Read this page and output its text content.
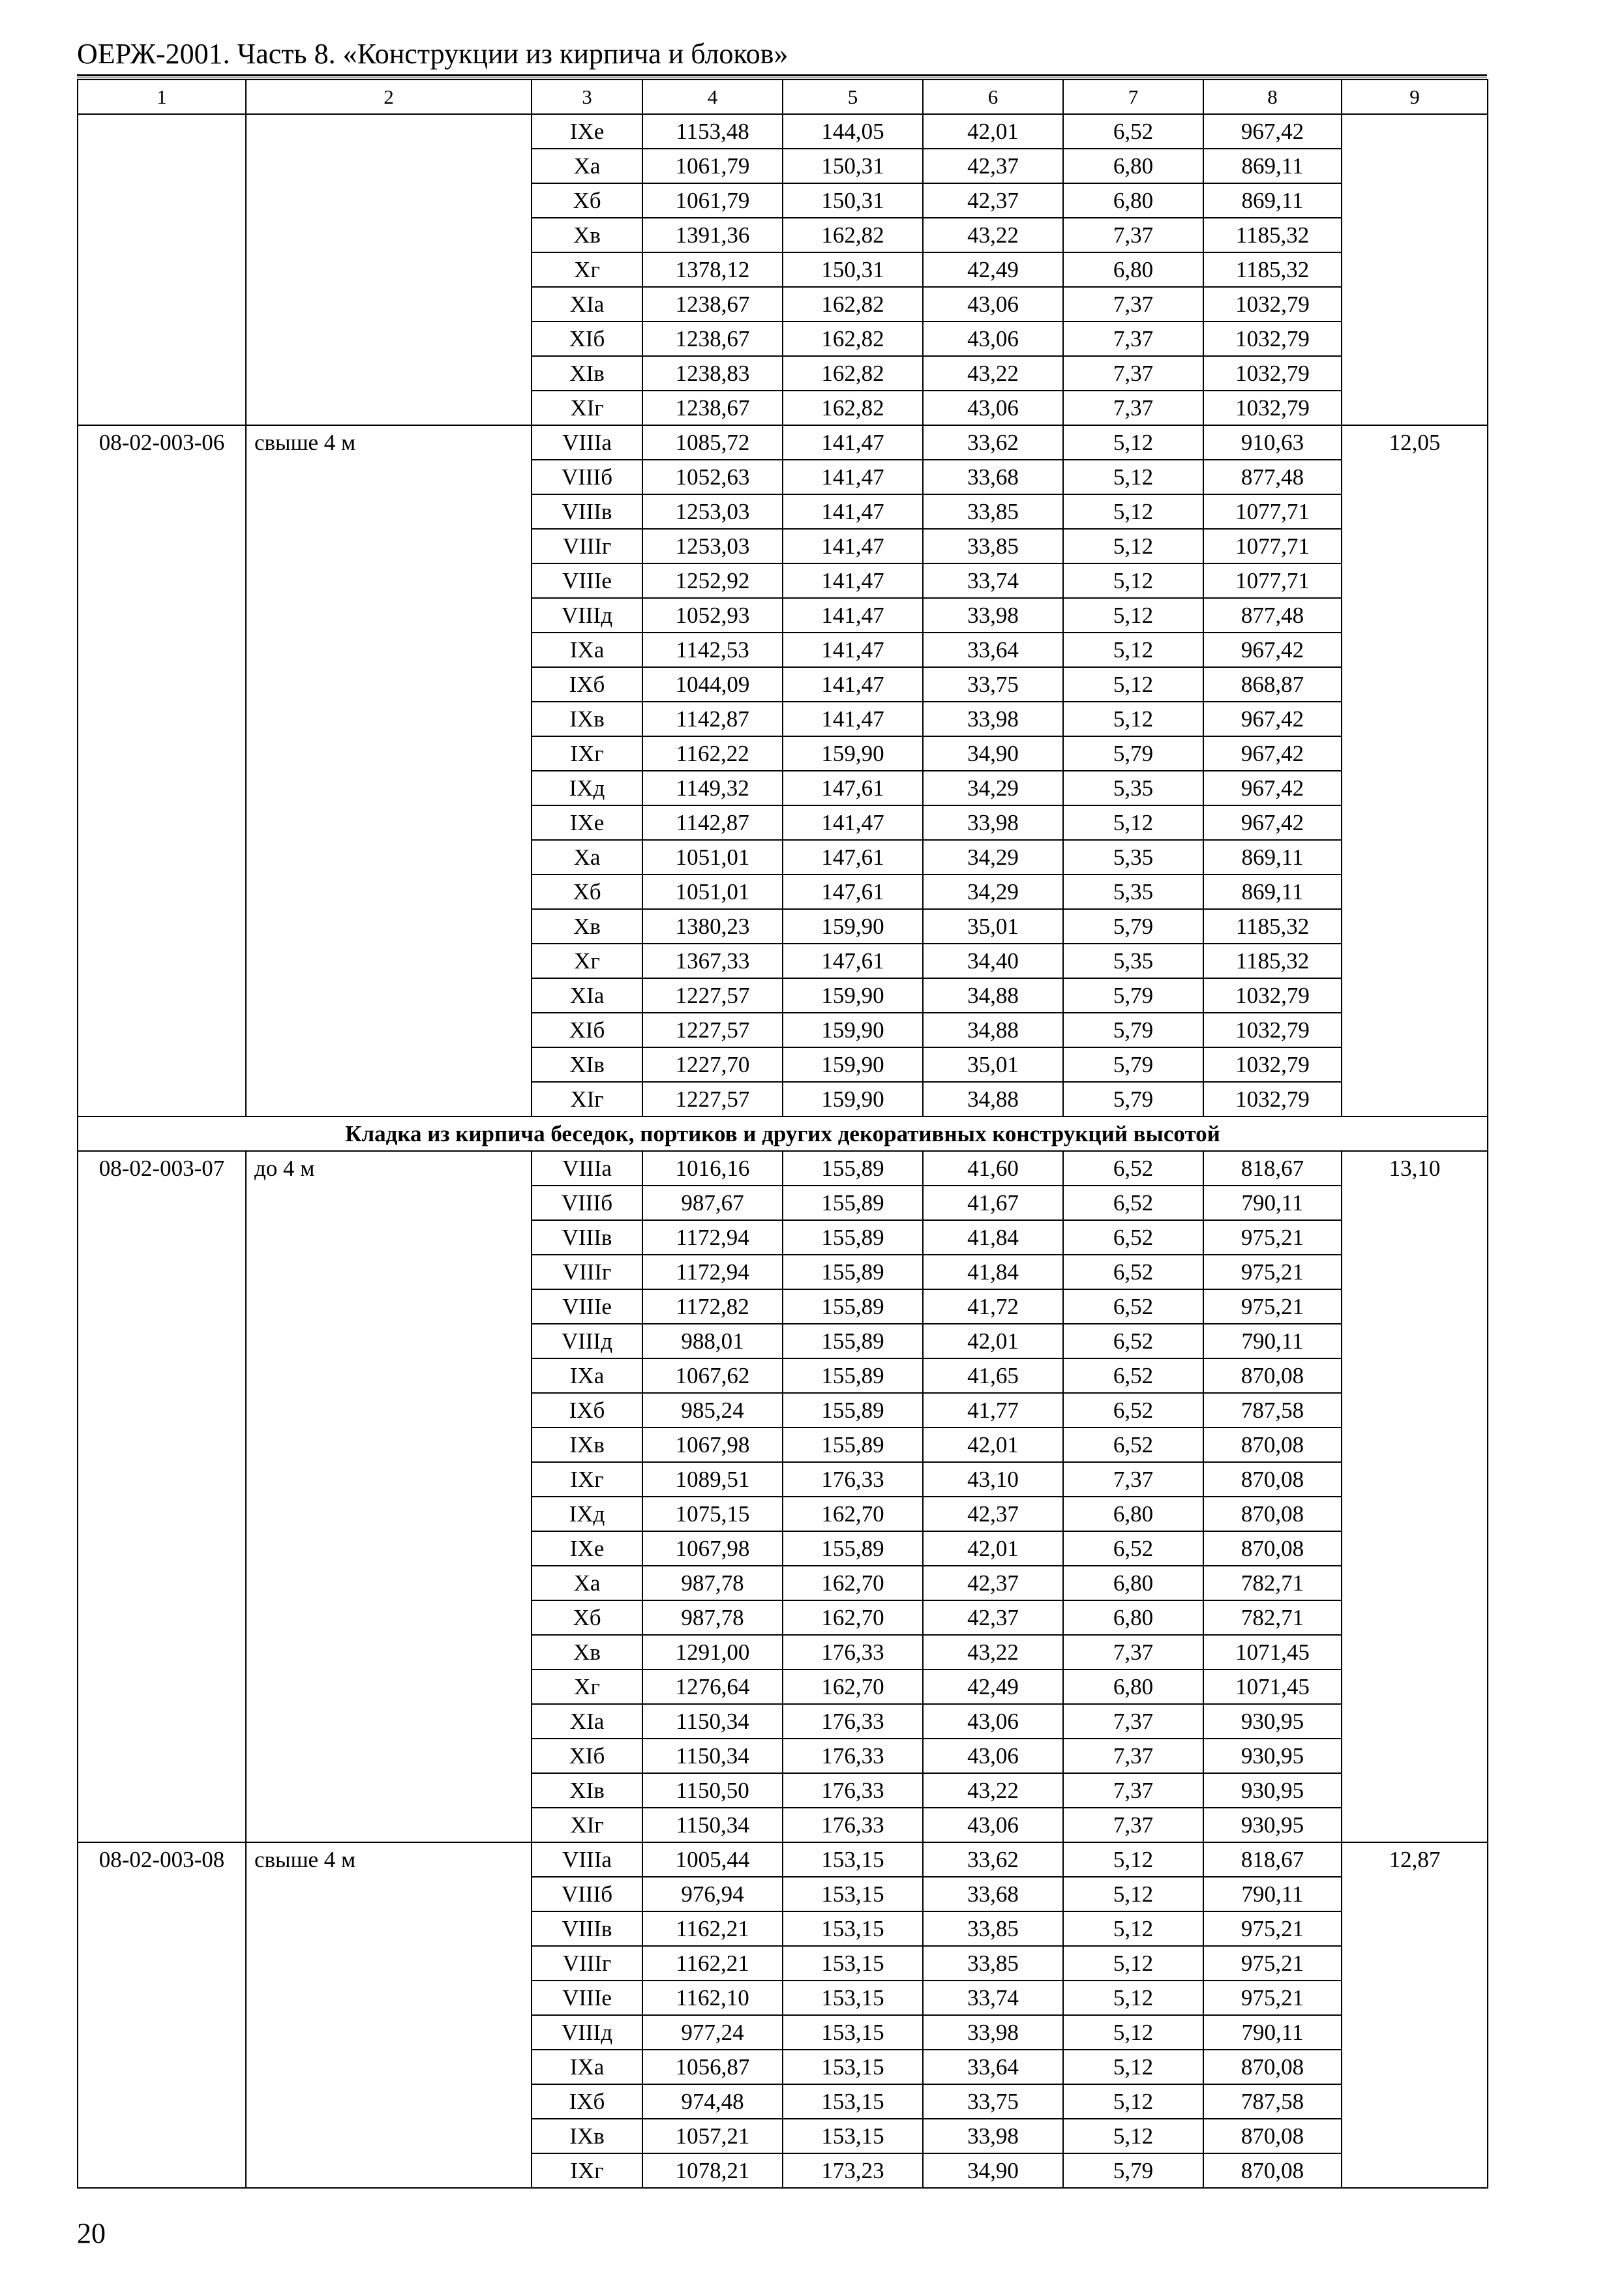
ОЕРЖ-2001. Часть 8. «Конструкции из кирпича и блоков»
1	2	3	4	5	6	7	8	9
		IXе	1153,48	144,05	42,01	6,52	967,42	
		Xа	1061,79	150,31	42,37	6,80	869,11	
		Xб	1061,79	150,31	42,37	6,80	869,11	
		Xв	1391,36	162,82	43,22	7,37	1185,32	
		Xг	1378,12	150,31	42,49	6,80	1185,32	
		XIа	1238,67	162,82	43,06	7,37	1032,79	
		XIб	1238,67	162,82	43,06	7,37	1032,79	
		XIв	1238,83	162,82	43,22	7,37	1032,79	
		XIг	1238,67	162,82	43,06	7,37	1032,79	
08-02-003-06	свыше 4 м	VIIIа	1085,72	141,47	33,62	5,12	910,63	12,05
		VIIIб	1052,63	141,47	33,68	5,12	877,48	
		VIIIв	1253,03	141,47	33,85	5,12	1077,71	
		VIIIг	1253,03	141,47	33,85	5,12	1077,71	
		VIIIе	1252,92	141,47	33,74	5,12	1077,71	
		VIIIд	1052,93	141,47	33,98	5,12	877,48	
		IXа	1142,53	141,47	33,64	5,12	967,42	
		IXб	1044,09	141,47	33,75	5,12	868,87	
		IXв	1142,87	141,47	33,98	5,12	967,42	
		IXг	1162,22	159,90	34,90	5,79	967,42	
		IXд	1149,32	147,61	34,29	5,35	967,42	
		IXе	1142,87	141,47	33,98	5,12	967,42	
		Xа	1051,01	147,61	34,29	5,35	869,11	
		Xб	1051,01	147,61	34,29	5,35	869,11	
		Xв	1380,23	159,90	35,01	5,79	1185,32	
		Xг	1367,33	147,61	34,40	5,35	1185,32	
		XIа	1227,57	159,90	34,88	5,79	1032,79	
		XIб	1227,57	159,90	34,88	5,79	1032,79	
		XIв	1227,70	159,90	35,01	5,79	1032,79	
		XIг	1227,57	159,90	34,88	5,79	1032,79	
Кладка из кирпича беседок, портиков и других декоративных конструкций высотой								
08-02-003-07	до 4 м	VIIIа	1016,16	155,89	41,60	6,52	818,67	13,10
		VIIIб	987,67	155,89	41,67	6,52	790,11	
		VIIIв	1172,94	155,89	41,84	6,52	975,21	
		VIIIг	1172,94	155,89	41,84	6,52	975,21	
		VIIIе	1172,82	155,89	41,72	6,52	975,21	
		VIIIд	988,01	155,89	42,01	6,52	790,11	
		IXа	1067,62	155,89	41,65	6,52	870,08	
		IXб	985,24	155,89	41,77	6,52	787,58	
		IXв	1067,98	155,89	42,01	6,52	870,08	
		IXг	1089,51	176,33	43,10	7,37	870,08	
		IXд	1075,15	162,70	42,37	6,80	870,08	
		IXе	1067,98	155,89	42,01	6,52	870,08	
		Xа	987,78	162,70	42,37	6,80	782,71	
		Xб	987,78	162,70	42,37	6,80	782,71	
		Xв	1291,00	176,33	43,22	7,37	1071,45	
		Xг	1276,64	162,70	42,49	6,80	1071,45	
		XIа	1150,34	176,33	43,06	7,37	930,95	
		XIб	1150,34	176,33	43,06	7,37	930,95	
		XIв	1150,50	176,33	43,22	7,37	930,95	
		XIг	1150,34	176,33	43,06	7,37	930,95	
08-02-003-08	свыше 4 м	VIIIа	1005,44	153,15	33,62	5,12	818,67	12,87
		VIIIб	976,94	153,15	33,68	5,12	790,11	
		VIIIв	1162,21	153,15	33,85	5,12	975,21	
		VIIIг	1162,21	153,15	33,85	5,12	975,21	
		VIIIе	1162,10	153,15	33,74	5,12	975,21	
		VIIIд	977,24	153,15	33,98	5,12	790,11	
		IXа	1056,87	153,15	33,64	5,12	870,08	
		IXб	974,48	153,15	33,75	5,12	787,58	
		IXв	1057,21	153,15	33,98	5,12	870,08	
		IXг	1078,21	173,23	34,90	5,79	870,08	
20
